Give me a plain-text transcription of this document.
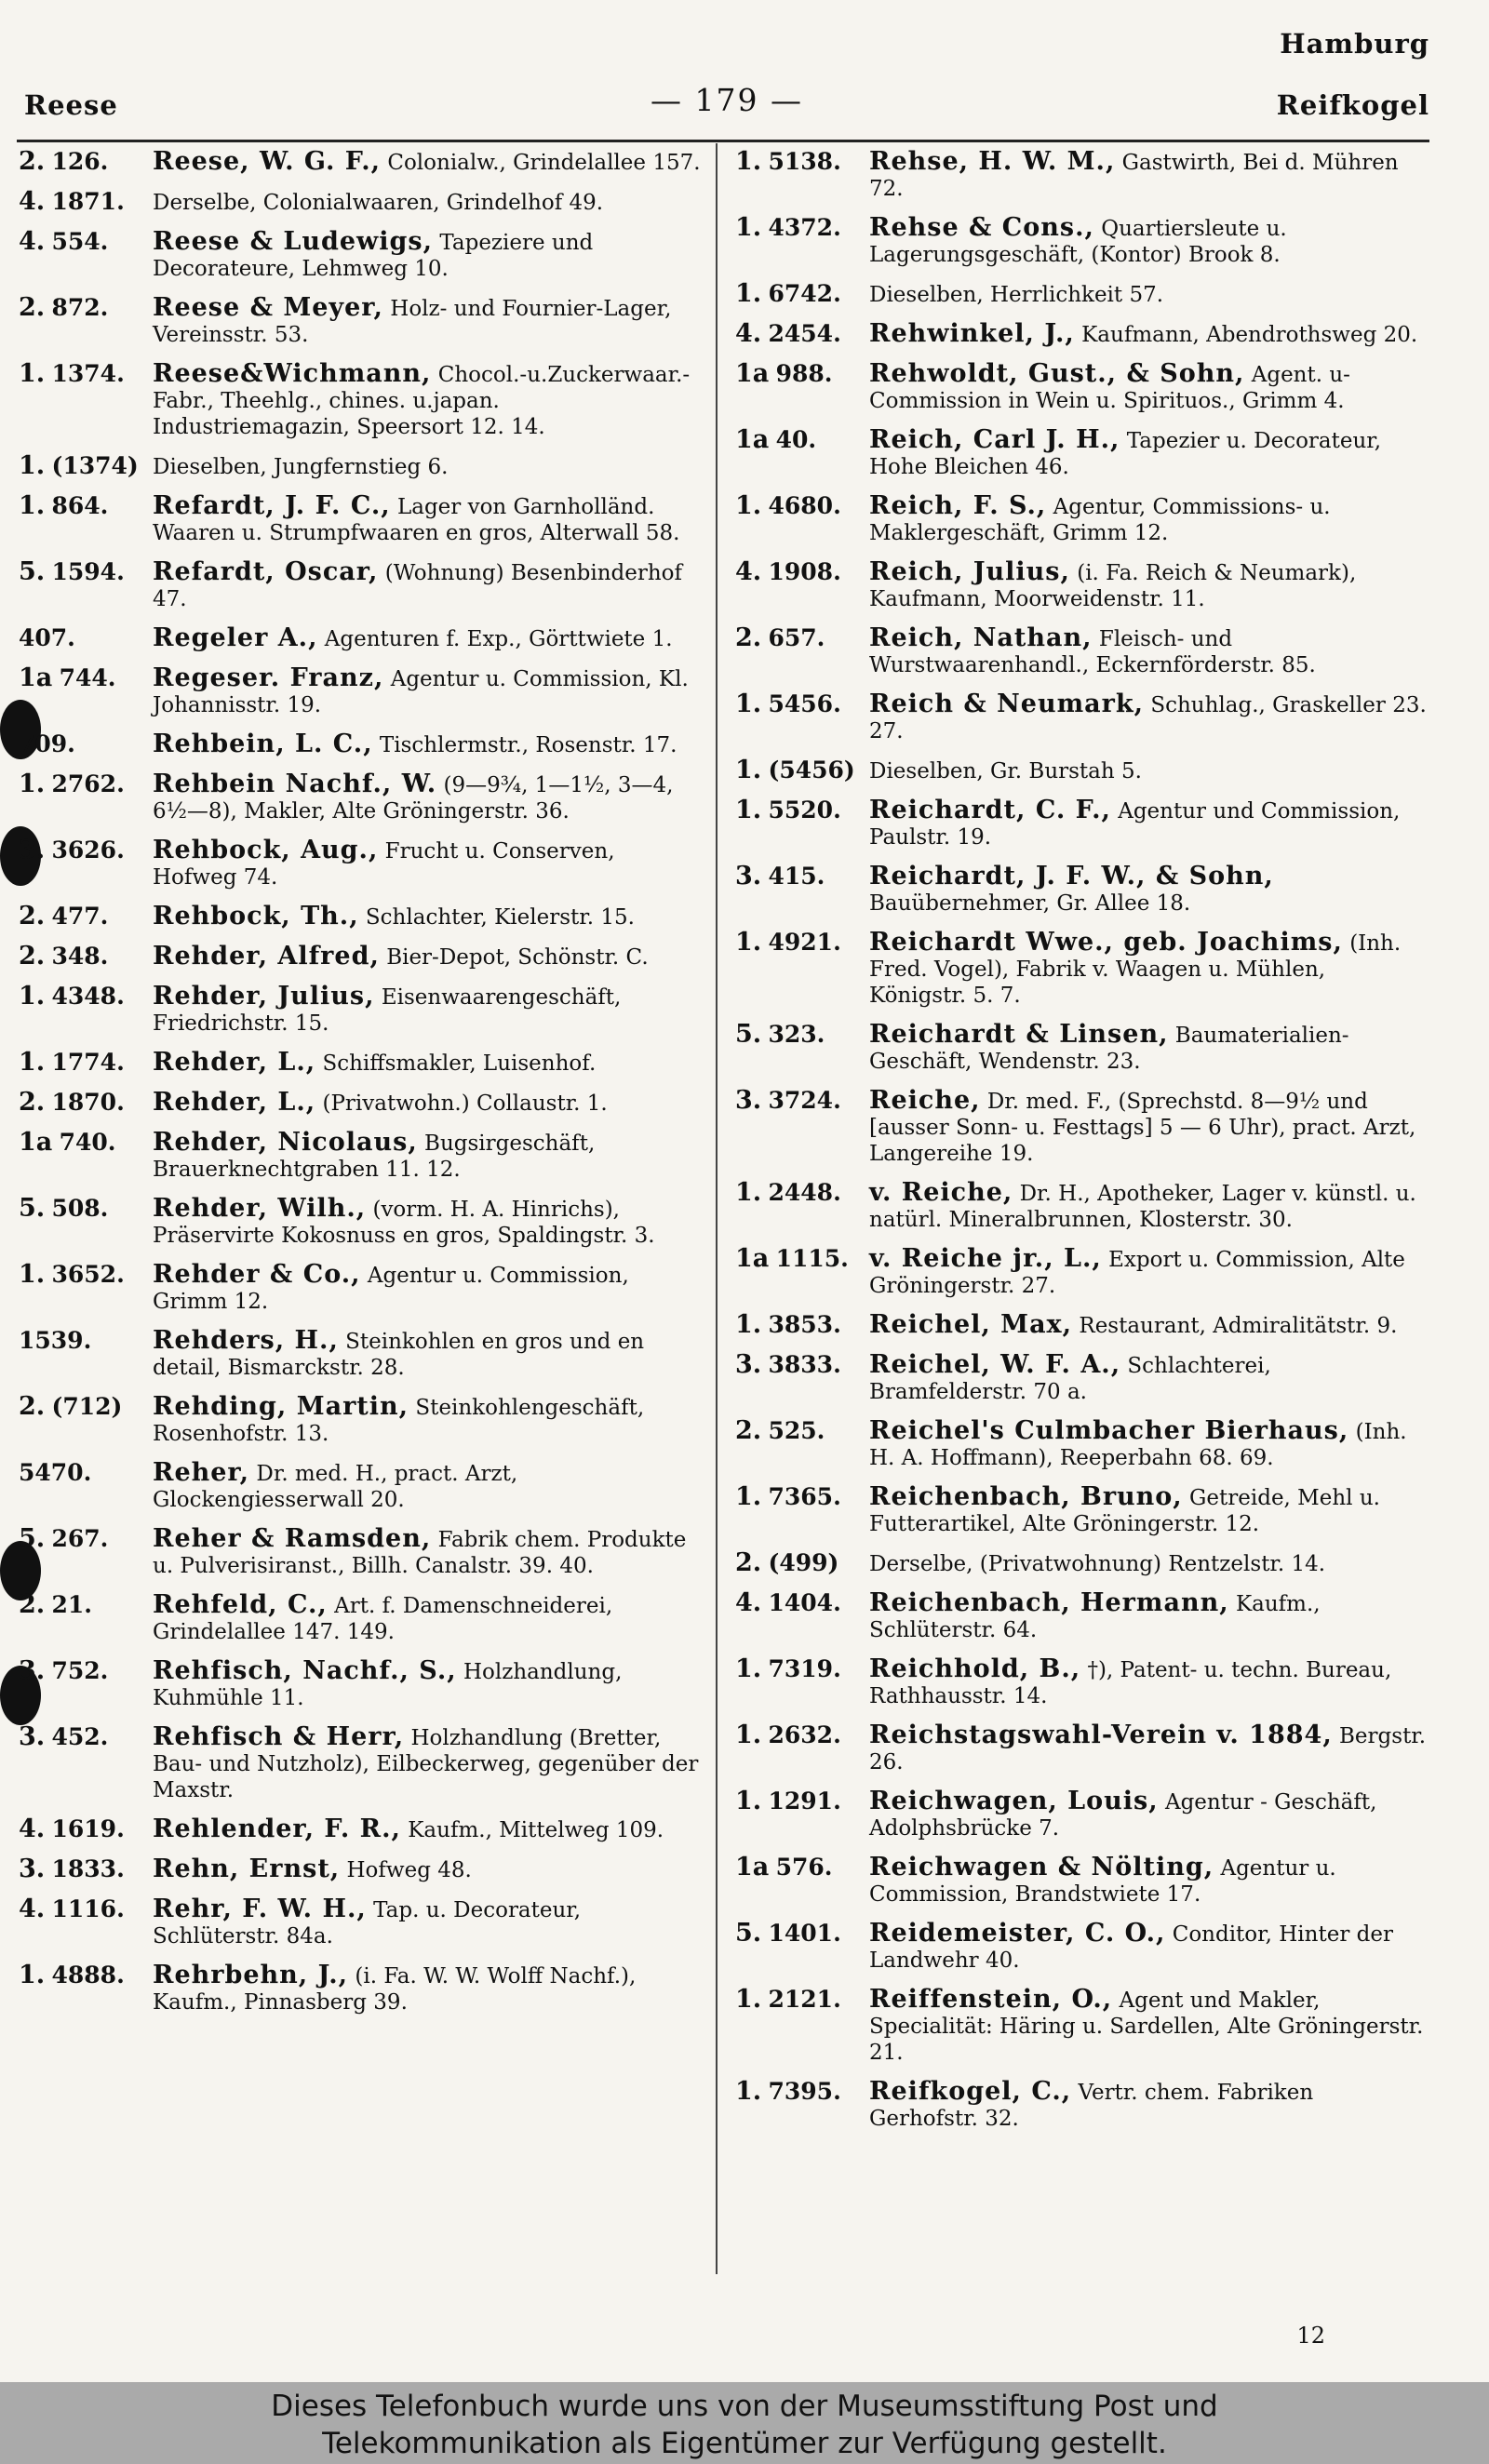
Hamburg
Reese	— 179 —	Reifkogel
2. 126.	Reese, W. G. F., Colonialw., Grindelallee 157.
4. 1871.	Derselbe, Colonialwaaren, Grindelhof 49.
4. 554.	Reese & Ludewigs, Tapeziere und Decorateure, Lehmweg 10.
2. 872.	Reese & Meyer, Holz- und Fournier-Lager, Vereinsstr. 53.
1. 1374.	Reese&Wichmann, Chocol.-u.Zuckerwaar.-Fabr., Theehlg., chines. u.japan. Industriemagazin, Speersort 12. 14.
1. (1374) Dieselben, Jungfernstieg 6.
1. 864.	Refardt, J. F. C., Lager von Garnholländ. Waaren u. Strumpfwaaren en gros, Alterwall 58.
5. 1594.	Refardt, Oscar, (Wohnung) Besenbinderhof 47.
407.	Regeler A., Agenturen f. Exp., Görttwiete 1.
1a 744.	Regeser. Franz, Agentur u. Commission, Kl. Johannisstr. 19.
709.	Rehbein, L. C., Tischlermstr., Rosenstr. 17.
1. 2762.	Rehbein Nachf., W. (9—9¾, 1—1½, 3—4, 6½—8), Makler, Alte Gröningerstr. 36.
3. 3626.	Rehbock, Aug., Frucht u. Conserven, Hofweg 74.
2. 477.	Rehbock, Th., Schlachter, Kielerstr. 15.
2. 348.	Rehder, Alfred, Bier-Depot, Schönstr. C.
1. 4348.	Rehder, Julius, Eisenwaarengeschäft, Friedrichstr. 15.
1. 1774.	Rehder, L., Schiffsmakler, Luisenhof.
2. 1870.	Rehder, L., (Privatwohn.) Collaustr. 1.
1a 740.	Rehder, Nicolaus, Bugsirgeschäft, Brauerknechtgraben 11. 12.
5. 508.	Rehder, Wilh., (vorm. H. A. Hinrichs), Präservirte Kokosnuss en gros, Spaldingstr. 3.
1. 3652.	Rehder & Co., Agentur u. Commission, Grimm 12.
1539.	Rehders, H., Steinkohlen en gros und en detail, Bismarckstr. 28.
2. (712)	Rehding, Martin, Steinkohlengeschäft, Rosenhofstr. 13.
5470.	Reher, Dr. med. H., pract. Arzt, Glockengiesserwall 20.
5. 267.	Reher & Ramsden, Fabrik chem. Produkte u. Pulverisiranst., Billh. Canalstr. 39. 40.
2. 21.	Rehfeld, C., Art. f. Damenschneiderei, Grindelallee 147. 149.
3. 752.	Rehfisch, Nachf., S., Holzhandlung, Kuhmühle 11.
3. 452.	Rehfisch & Herr, Holzhandlung (Bretter, Bau- und Nutzholz), Eilbeckerweg, gegenüber der Maxstr.
4. 1619.	Rehlender, F. R., Kaufm., Mittelweg 109.
3. 1833.	Rehn, Ernst, Hofweg 48.
4. 1116.	Rehr, F. W. H., Tap. u. Decorateur, Schlüterstr. 84a.
1. 4888.	Rehrbehn, J., (i. Fa. W. W. Wolff Nachf.), Kaufm., Pinnasberg 39.
1. 5138.	Rehse, H. W. M., Gastwirth, Bei d. Mühren 72.
1. 4372.	Rehse & Cons., Quartiersleute u. Lagerungsgeschäft, (Kontor) Brook 8.
1. 6742.	Dieselben, Herrlichkeit 57.
4. 2454.	Rehwinkel, J., Kaufmann, Abendrothsweg 20.
1a 988.	Rehwoldt, Gust., & Sohn, Agent. u- Commission in Wein u. Spirituos., Grimm 4.
1a 40.	Reich, Carl J. H., Tapezier u. Decorateur, Hohe Bleichen 46.
1. 4680.	Reich, F. S., Agentur, Commissions- u. Maklergeschäft, Grimm 12.
4. 1908.	Reich, Julius, (i. Fa. Reich & Neumark), Kaufmann, Moorweidenstr. 11.
2. 657.	Reich, Nathan, Fleisch- und Wurstwaarenhandl., Eckernförderstr. 85.
1. 5456.	Reich & Neumark, Schuhlag., Graskeller 23. 27.
1. (5456) Dieselben, Gr. Burstah 5.
1. 5520.	Reichardt, C. F., Agentur und Commission, Paulstr. 19.
3. 415.	Reichardt, J. F. W., & Sohn, Bauübernehmer, Gr. Allee 18.
1. 4921.	Reichardt Wwe., geb. Joachims, (Inh. Fred. Vogel), Fabrik v. Waagen u. Mühlen, Königstr. 5. 7.
5. 323.	Reichardt & Linsen, Baumaterialien-Geschäft, Wendenstr. 23.
3. 3724.	Reiche, Dr. med. F., (Sprechstd. 8—9½ und [ausser Sonn- u. Festtags] 5 — 6 Uhr), pract. Arzt, Langereihe 19.
1. 2448.	v. Reiche, Dr. H., Apotheker, Lager v. künstl. u. natürl. Mineralbrunnen, Klosterstr. 30.
1a 1115. v. Reiche jr., L., Export u. Commission, Alte Gröningerstr. 27.
1. 3853.	Reichel, Max, Restaurant, Admiralitätstr. 9.
3. 3833.	Reichel, W. F. A., Schlachterei, Bramfelderstr. 70 a.
2. 525.	Reichel's Culmbacher Bierhaus, (Inh. H. A. Hoffmann), Reeperbahn 68. 69.
1. 7365.	Reichenbach, Bruno, Getreide, Mehl u. Futterartikel, Alte Gröningerstr. 12.
2. (499)	Derselbe, (Privatwohnung) Rentzelstr. 14.
4. 1404.	Reichenbach, Hermann, Kaufm., Schlüterstr. 64.
1. 7319.	Reichhold, B., †), Patent- u. techn. Bureau, Rathhausstr. 14.
1. 2632.	Reichstagswahl-Verein v. 1884, Bergstr. 26.
1. 1291.	Reichwagen, Louis, Agentur - Geschäft, Adolphsbrücke 7.
1a 576.	Reichwagen & Nölting, Agentur u. Commission, Brandstwiete 17.
5. 1401.	Reidemeister, C. O., Conditor, Hinter der Landwehr 40.
1. 2121.	Reiffenstein, O., Agent und Makler, Specialität: Häring u. Sardellen, Alte Gröningerstr. 21.
1. 7395.	Reifkogel, C., Vertr. chem. Fabriken Gerhofstr. 32.
12
Dieses Telefonbuch wurde uns von der Museumsstiftung Post und
Telekommunikation als Eigentümer zur Verfügung gestellt.
